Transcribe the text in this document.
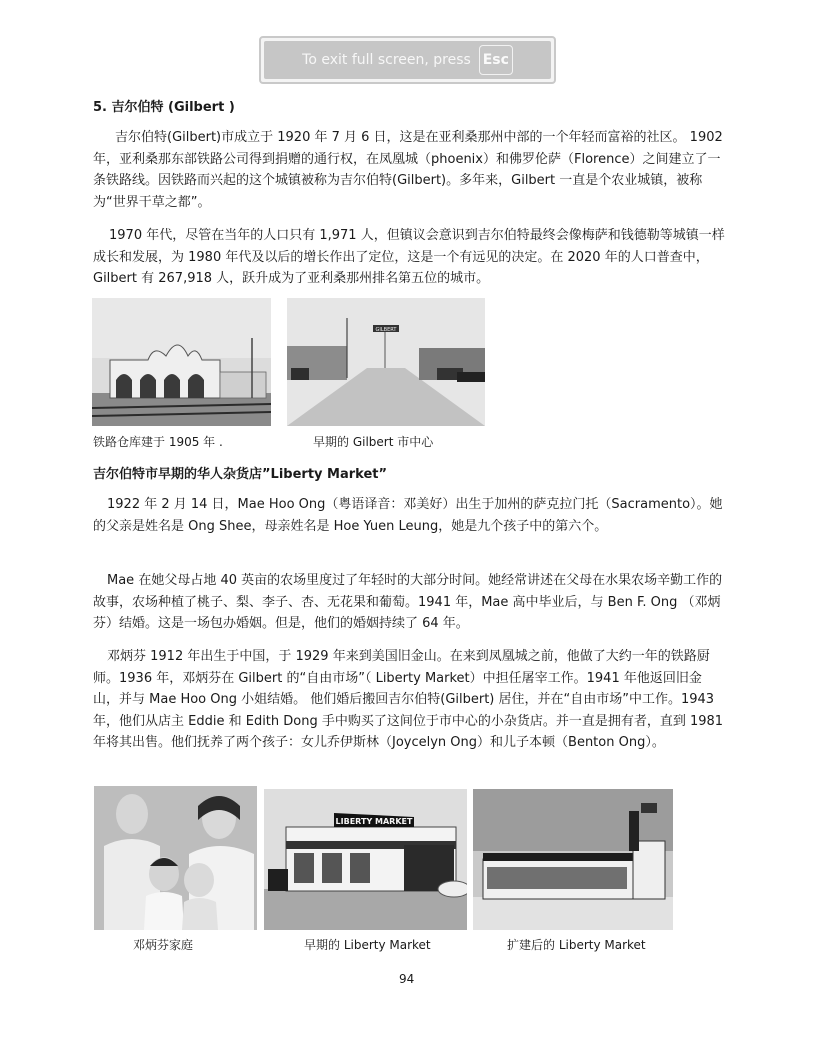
To exit full screen, press Esc
5. 吉尔伯特 (Gilbert )
吉尔伯特(Gilbert)市成立于 1920 年 7 月 6 日，这是在亚利桑那州中部的一个年轻而富裕的社区。 1902 年，亚利桑那东部铁路公司得到捐赠的通行权，在凤凰城（phoenix）和佛罗伦萨（Florence）之间建立了一条铁路线。因铁路而兴起的这个城镇被称为吉尔伯特(Gilbert)。多年来，Gilbert 一直是个农业城镇，被称为“世界干草之都”。
1970 年代，尽管在当年的人口只有 1,971 人，但镇议会意识到吉尔伯特最终会像梅萨和钱德勒等城镇一样成长和发展，为 1980 年代及以后的增长作出了定位，这是一个有远见的决定。在 2020 年的人口普查中，Gilbert 有 267,918 人，跃升成为了亚利桑那州排名第五位的城市。
GILBERT
铁路仓库建于 1905 年 .	早期的 Gilbert 市中心
吉尔伯特市早期的华人杂货店”Liberty Market”
1922 年 2 月 14 日，Mae Hoo Ong（粤语译音：邓美好）出生于加州的萨克拉门托（Sacramento）。她的父亲是姓名是 Ong Shee，母亲姓名是 Hoe Yuen Leung，她是九个孩子中的第六个。
Mae 在她父母占地 40 英亩的农场里度过了年轻时的大部分时间。她经常讲述在父母在水果农场辛勤工作的故事，农场种植了桃子、梨、李子、杏、无花果和葡萄。1941 年，Mae 高中毕业后，与 Ben F. Ong （邓炳芬）结婚。这是一场包办婚姻。但是，他们的婚姻持续了 64 年。
邓炳芬 1912 年出生于中国，于 1929 年来到美国旧金山。在来到凤凰城之前，他做了大约一年的铁路厨师。1936 年，邓炳芬在 Gilbert 的“自由市场”（ Liberty Market）中担任屠宰工作。1941 年他返回旧金山，并与 Mae Hoo Ong 小姐结婚。 他们婚后搬回吉尔伯特(Gilbert) 居住，并在“自由市场”中工作。1943 年，他们从店主 Eddie 和 Edith Dong 手中购买了这间位于市中心的小杂货店。并一直是拥有者，直到 1981 年将其出售。他们抚养了两个孩子：女儿乔伊斯林（Joycelyn Ong）和儿子本顿（Benton Ong）。
LIBERTY MARKET
邓炳芬家庭	早期的 Liberty Market	扩建后的 Liberty Market
94
